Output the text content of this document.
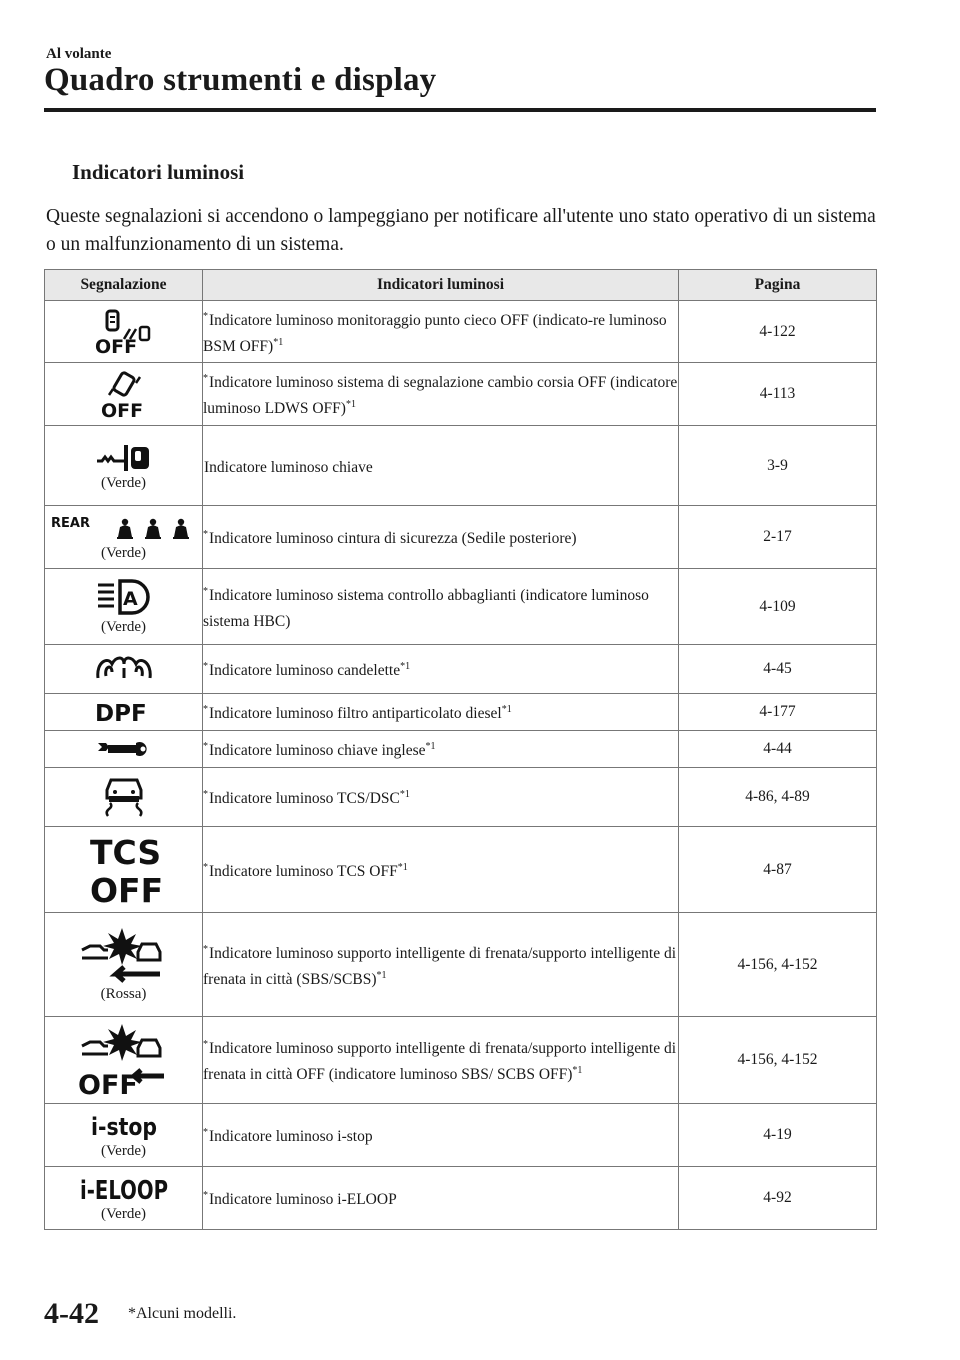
Al volante
Quadro strumenti e display
Indicatori luminosi
Queste segnalazioni si accendono o lampeggiano per notificare all'utente uno stato operativo di un sistema o un malfunzionamento di un sistema.
Segnalazione	Indicatori luminosi	Pagina

OFF	*Indicatore luminoso monitoraggio punto cieco OFF (indicato-re luminoso BSM OFF)$^{*1}$	4-122

OFF	*Indicatore luminoso sistema di segnalazione cambio corsia OFF (indicatore luminoso LDWS OFF)$^{*1}$	4-113

(Verde)	Indicatore luminoso chiave	3-9

REAR
(Verde)	*Indicatore luminoso cintura di sicurezza (Sedile posteriore)	2-17

A
(Verde)	*Indicatore luminoso sistema controllo abbaglianti (indicatore luminoso sistema HBC)	4-109

	*Indicatore luminoso candelette$^{*1}$	4-45

DPF	*Indicatore luminoso filtro antiparticolato diesel$^{*1}$	4-177

	*Indicatore luminoso chiave inglese$^{*1}$	4-44

	*Indicatore luminoso TCS/DSC$^{*1}$	4-86, 4-89

TCS
OFF	*Indicatore luminoso TCS OFF$^{*1}$	4-87

(Rossa)	*Indicatore luminoso supporto intelligente di frenata/supporto intelligente di frenata in città (SBS/SCBS)$^{*1}$	4-156, 4-152

OFF	*Indicatore luminoso supporto intelligente di frenata/supporto intelligente di frenata in città OFF (indicatore luminoso SBS/ SCBS OFF)$^{*1}$	4-156, 4-152

i-stop
(Verde)	*Indicatore luminoso i-stop	4-19

i-ELOOP
(Verde)	*Indicatore luminoso i-ELOOP	4-92
4-42 *Alcuni modelli.
